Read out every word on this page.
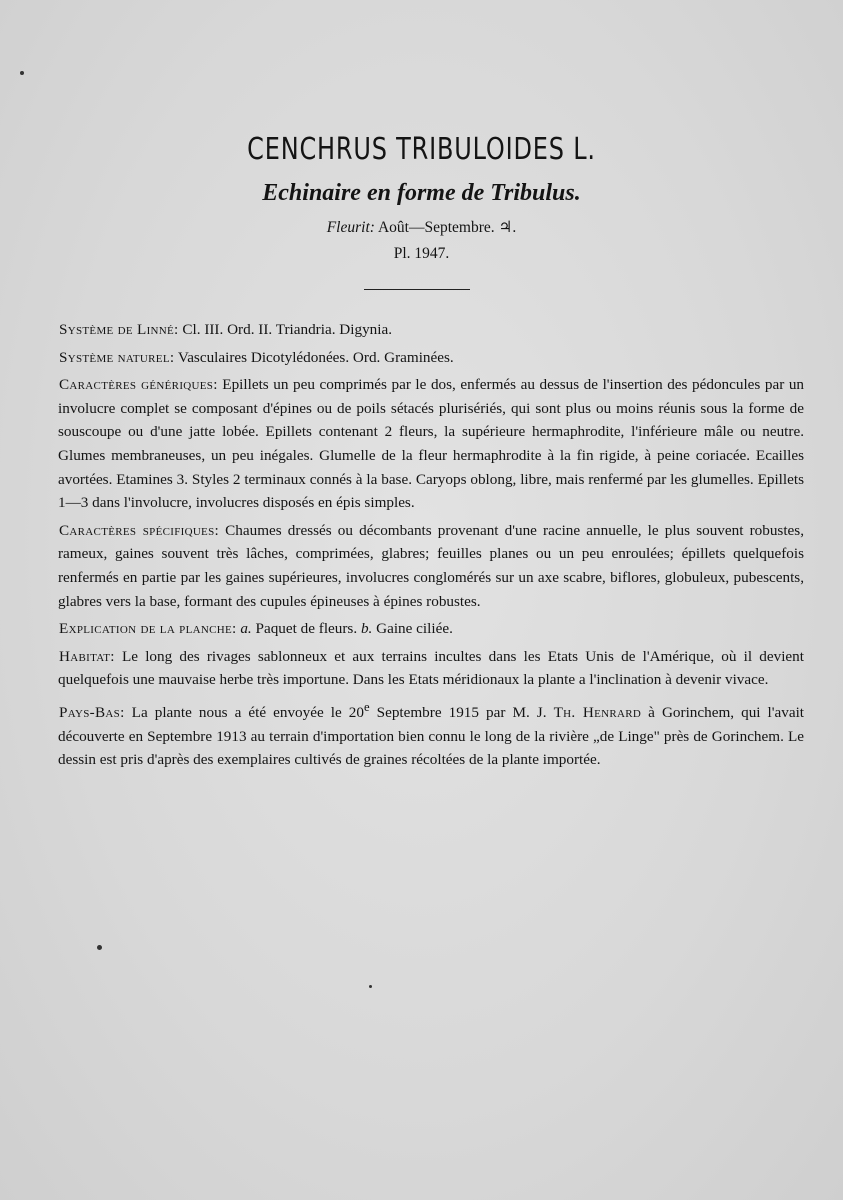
CENCHRUS TRIBULOIDES L.
Echinaire en forme de Tribulus.
Fleurit: Août—Septembre. ♃.
Pl. 1947.

Système de Linné: Cl. III. Ord. II. Triandria. Digynia.

Système naturel: Vasculaires Dicotylédonées. Ord. Graminées.

Caractères génériques: Epillets un peu comprimés par le dos, enfermés au dessus de l'insertion des pédoncules par un involucre complet se composant d'épines ou de poils sétacés plurisériés, qui sont plus ou moins réunis sous la forme de souscoupe ou d'une jatte lobée. Epillets contenant 2 fleurs, la supérieure hermaphrodite, l'inférieure mâle ou neutre. Glumes membraneuses, un peu inégales. Glumelle de la fleur hermaphrodite à la fin rigide, à peine coriacée. Ecailles avortées. Etamines 3. Styles 2 terminaux connés à la base. Caryops oblong, libre, mais renfermé par les glumelles. Epillets 1—3 dans l'involucre, involucres disposés en épis simples.

Caractères spécifiques: Chaumes dressés ou décombants provenant d'une racine annuelle, le plus souvent robustes, rameux, gaines souvent très lâches, comprimées, glabres; feuilles planes ou un peu enroulées; épillets quelquefois renfermés en partie par les gaines supérieures, involucres conglomérés sur un axe scabre, biflores, globuleux, pubescents, glabres vers la base, formant des cupules épineuses à épines robustes.

Explication de la planche: a. Paquet de fleurs. b. Gaine ciliée.

Habitat: Le long des rivages sablonneux et aux terrains incultes dans les Etats Unis de l'Amérique, où il devient quelquefois une mauvaise herbe très importune. Dans les Etats méridionaux la plante a l'inclination à devenir vivace.

Pays-Bas: La plante nous a été envoyée le 20e Septembre 1915 par M. J. Th. Henrard à Gorinchem, qui l'avait découverte en Septembre 1913 au terrain d'importation bien connu le long de la rivière „de Linge" près de Gorinchem. Le dessin est pris d'après des exemplaires cultivés de graines récoltées de la plante importée.
